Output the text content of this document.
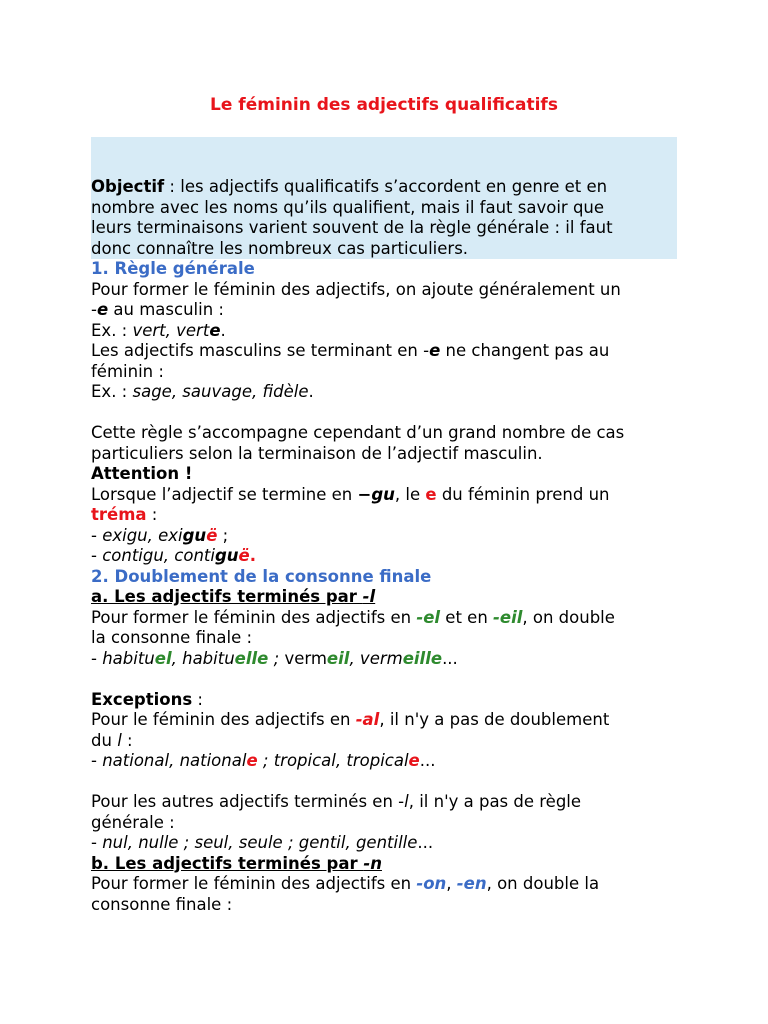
Le féminin des adjectifs qualificatifs

Objectif : les adjectifs qualificatifs s’accordent en genre et en

nombre avec les noms qu’ils qualifient, mais il faut savoir que

leurs terminaisons varient souvent de la règle générale : il faut

donc connaître les nombreux cas particuliers.

1. Règle générale

Pour former le féminin des adjectifs, on ajoute généralement un

-e au masculin :

Ex. : vert, verte.

Les adjectifs masculins se terminant en -e ne changent pas au

féminin :

Ex. : sage, sauvage, fidèle.

Cette règle s’accompagne cependant d’un grand nombre de cas

particuliers selon la terminaison de l’adjectif masculin.

Attention !

Lorsque l’adjectif se termine en −gu, le e du féminin prend un

tréma :

- exigu, exiguë ;

- contigu, contiguë.

2. Doublement de la consonne finale

a. Les adjectifs terminés par -l

Pour former le féminin des adjectifs en -el et en -eil, on double

la consonne finale :

- habituel, habituelle ; vermeil, vermeille...

Exceptions :

Pour le féminin des adjectifs en -al, il n'y a pas de doublement

du l :

- national, nationale ; tropical, tropicale...

Pour les autres adjectifs terminés en -l, il n'y a pas de règle

générale :

- nul, nulle ; seul, seule ; gentil, gentille...

b. Les adjectifs terminés par -n

Pour former le féminin des adjectifs en -on, -en, on double la

consonne finale :
